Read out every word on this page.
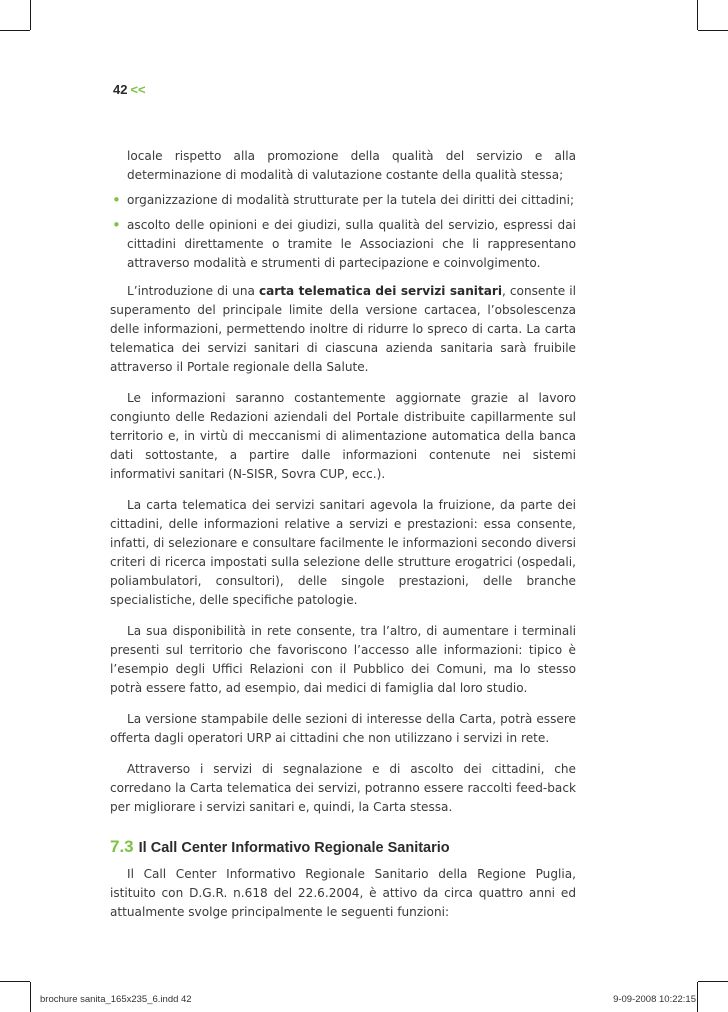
42 <<

locale rispetto alla promozione della qualità del servizio e alla determinazione di modalità di valutazione costante della qualità stessa;

• organizzazione di modalità strutturate per la tutela dei diritti dei cittadini;
• ascolto delle opinioni e dei giudizi, sulla qualità del servizio, espressi dai cittadini direttamente o tramite le Associazioni che li rappresentano attraverso modalità e strumenti di partecipazione e coinvolgimento.

L’introduzione di una carta telematica dei servizi sanitari, consente il superamento del principale limite della versione cartacea, l’obsolescenza delle informazioni, permettendo inoltre di ridurre lo spreco di carta. La carta telematica dei servizi sanitari di ciascuna azienda sanitaria sarà fruibile attraverso il Portale regionale della Salute.

Le informazioni saranno costantemente aggiornate grazie al lavoro congiunto delle Redazioni aziendali del Portale distribuite capillarmente sul territorio e, in virtù di meccanismi di alimentazione automatica della banca dati sottostante, a partire dalle informazioni contenute nei sistemi informativi sanitari (N-SISR, Sovra CUP, ecc.).

La carta telematica dei servizi sanitari agevola la fruizione, da parte dei cittadini, delle informazioni relative a servizi e prestazioni: essa consente, infatti, di selezionare e consultare facilmente le informazioni secondo diversi criteri di ricerca impostati sulla selezione delle strutture erogatrici (ospedali, poliambulatori, consultori), delle singole prestazioni, delle branche specialistiche, delle specifiche patologie.

La sua disponibilità in rete consente, tra l’altro, di aumentare i terminali presenti sul territorio che favoriscono l’accesso alle informazioni: tipico è l’esempio degli Uffici Relazioni con il Pubblico dei Comuni, ma lo stesso potrà essere fatto, ad esempio, dai medici di famiglia dal loro studio.

La versione stampabile delle sezioni di interesse della Carta, potrà essere offerta dagli operatori URP ai cittadini che non utilizzano i servizi in rete.

Attraverso i servizi di segnalazione e di ascolto dei cittadini, che corredano la Carta telematica dei servizi, potranno essere raccolti feed-back per migliorare i servizi sanitari e, quindi, la Carta stessa.

7.3 Il Call Center Informativo Regionale Sanitario

Il Call Center Informativo Regionale Sanitario della Regione Puglia, istituito con D.G.R. n.618 del 22.6.2004, è attivo da circa quattro anni ed attualmente svolge principalmente le seguenti funzioni:

brochure sanita_165x235_6.indd 42	9-09-2008 10:22:15
